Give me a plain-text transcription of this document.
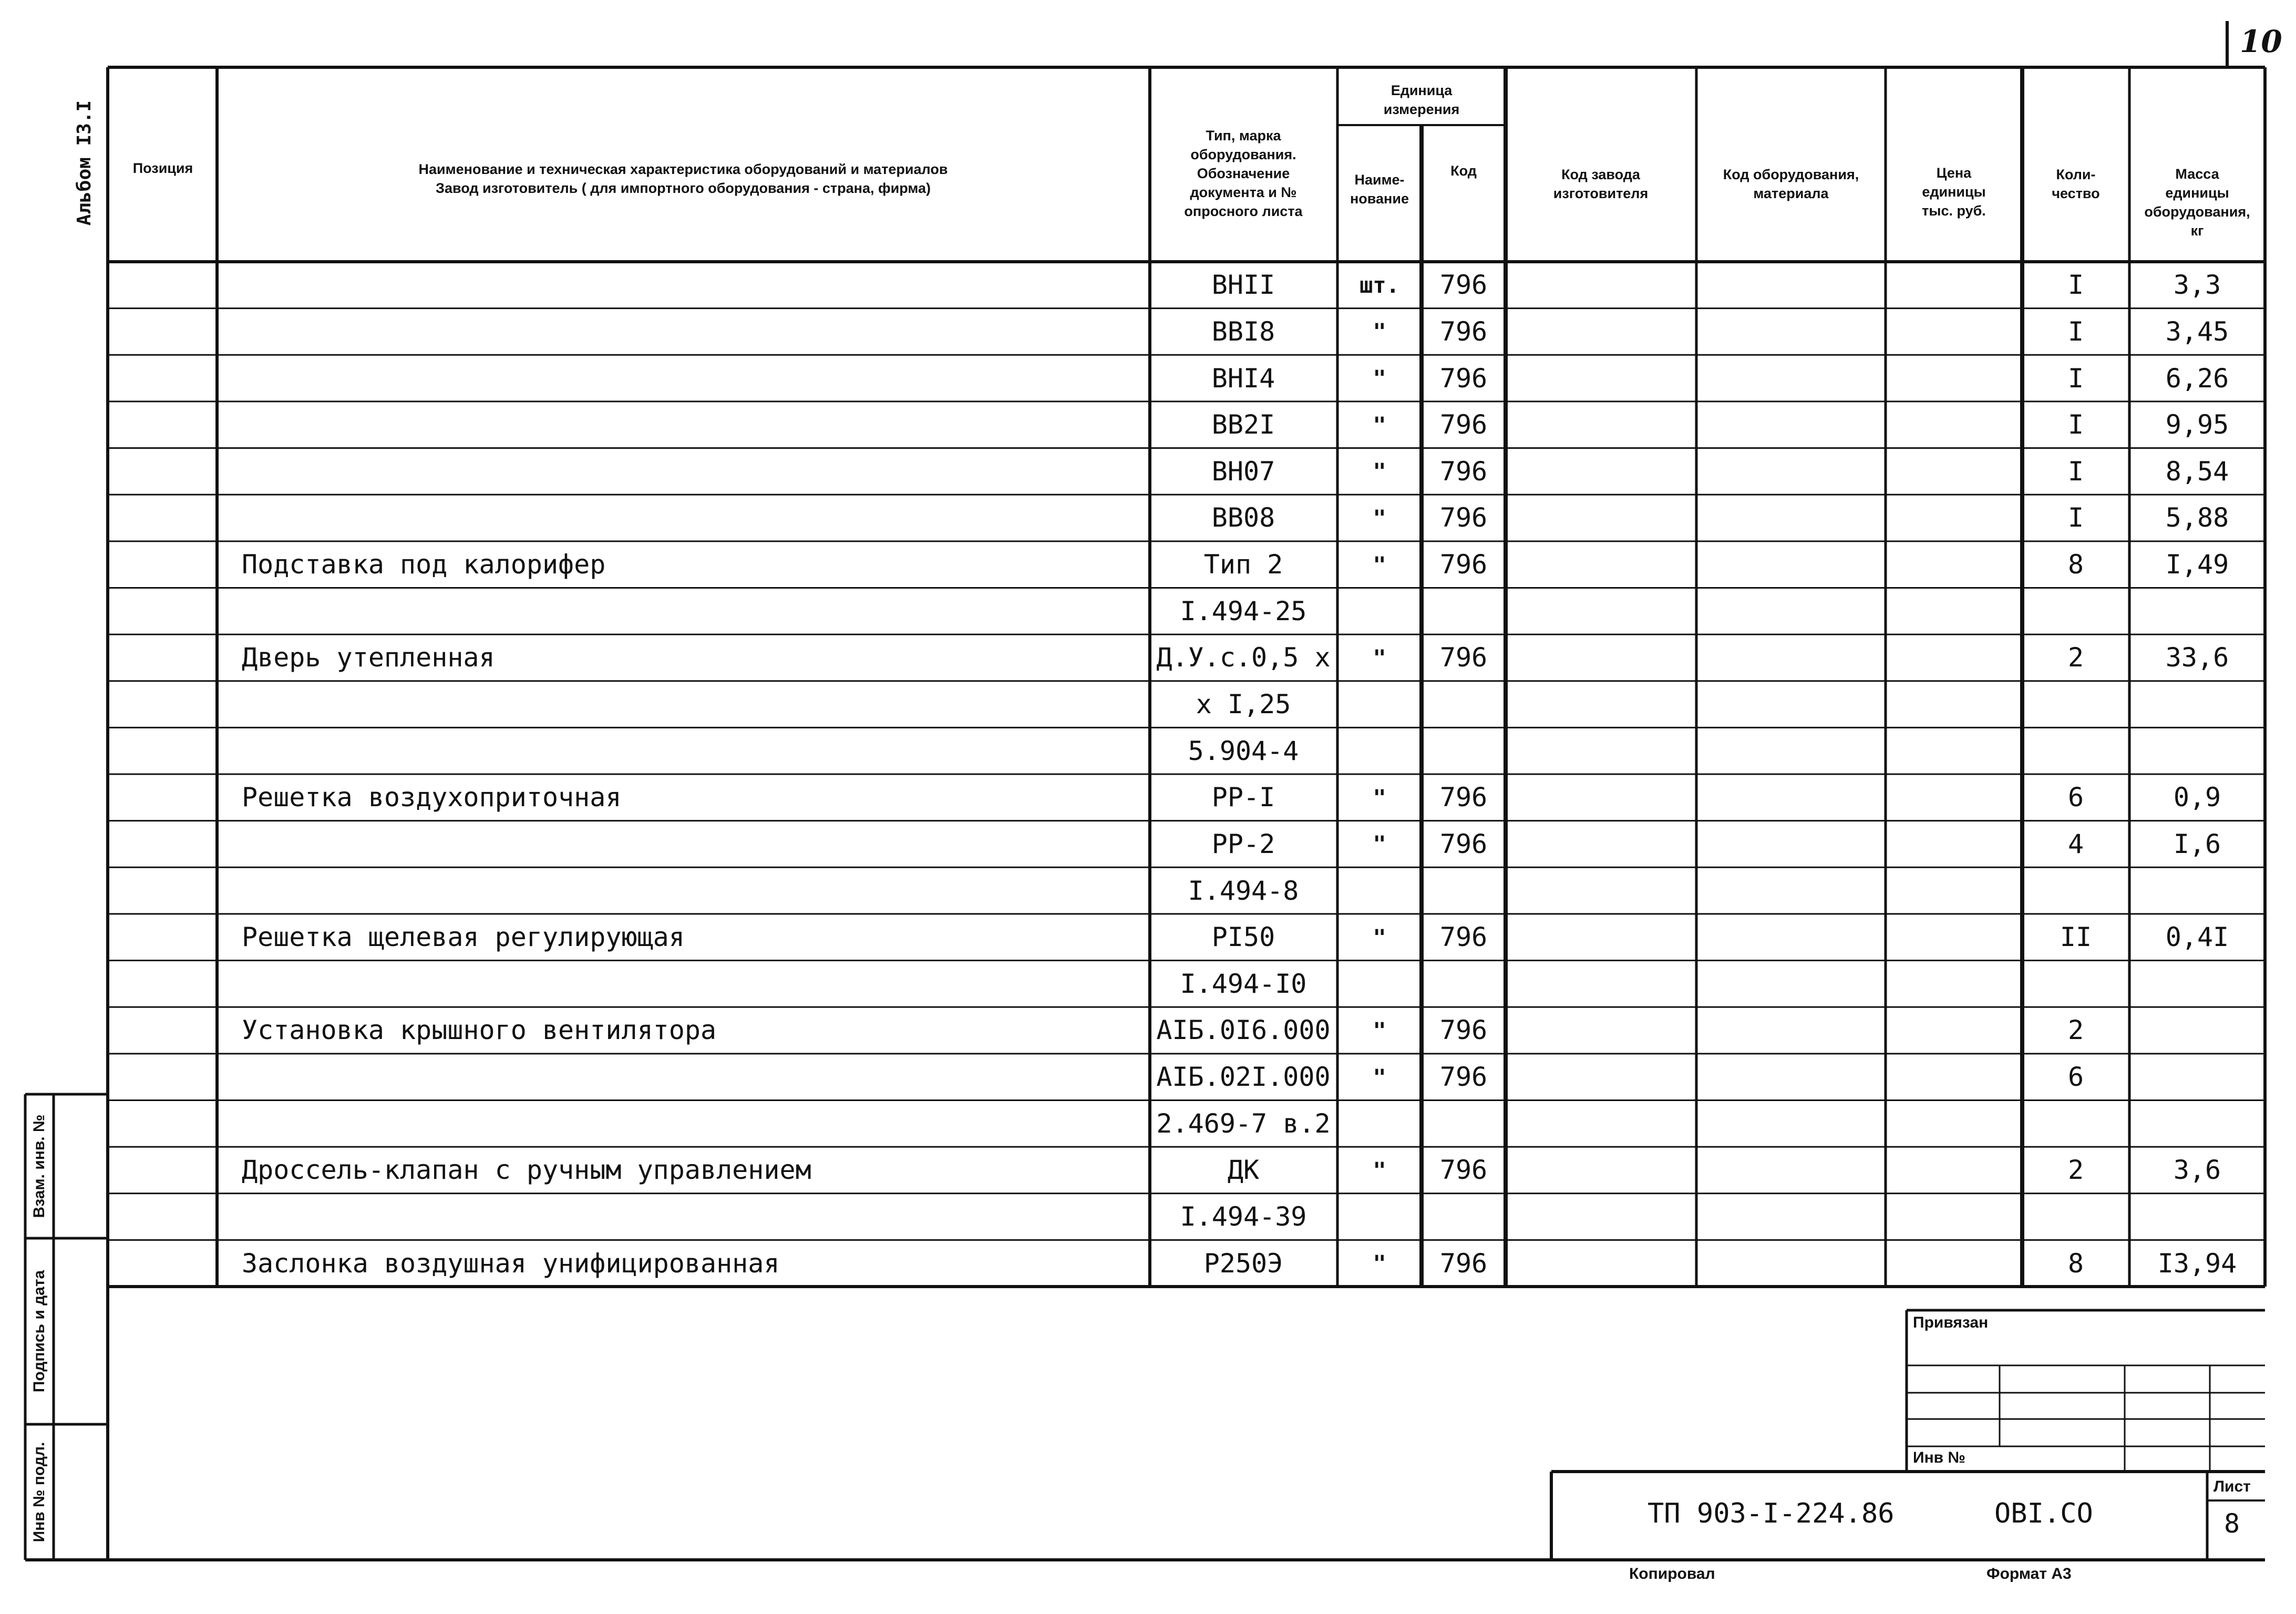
10
Альбом I3.I	Позиция	Наименование и техническая характеристика оборудований и материалов
Завод изготовитель ( для импортного оборудования - страна, фирма)
Тип, марка
оборудования.
Обозначение
документа и №
опросного листа
Единица
измерения
Наиме-
нование
Код	Код завода
изготовителя
Код оборудования,
материала
Цена
единицы
тыс. руб.
Коли-
чество
Масса
единицы
оборудования,
кг
ВНII	шт.	796	I	3,3
ВВI8	"	796	I	3,45
ВНI4	"	796	I	6,26
ВВ2I	"	796	I	9,95
ВН07	"	796	I	8,54
ВВ08	"	796	I	5,88
Подставка под калорифер	Тип 2	"	796	8	I,49
I.494-25
Дверь утепленная	Д.У.с.0,5 х	"	796	2	33,6
х I,25
5.904-4
Решетка воздухоприточная	РР-I	"	796	6	0,9
РР-2	"	796	4	I,6
I.494-8
Решетка щелевая регулирующая	РI50	"	796	II	0,4I
I.494-I0
Установка крышного вентилятора	АIБ.0I6.000	"	796	2
АIБ.02I.000	"	796	6
2.469-7 в.2
Дроссель-клапан с ручным управлением	ДК	"	796	2	3,6
I.494-39
Заслонка воздушная унифицированная	Р250Э	"	796	8	I3,94
Взам. инв. №
Подпись и дата
Инв № подл.
Привязан
Инв №
ТП 903-I-224.86	ОВI.СО
Лист
8
Копировал	Формат А3
